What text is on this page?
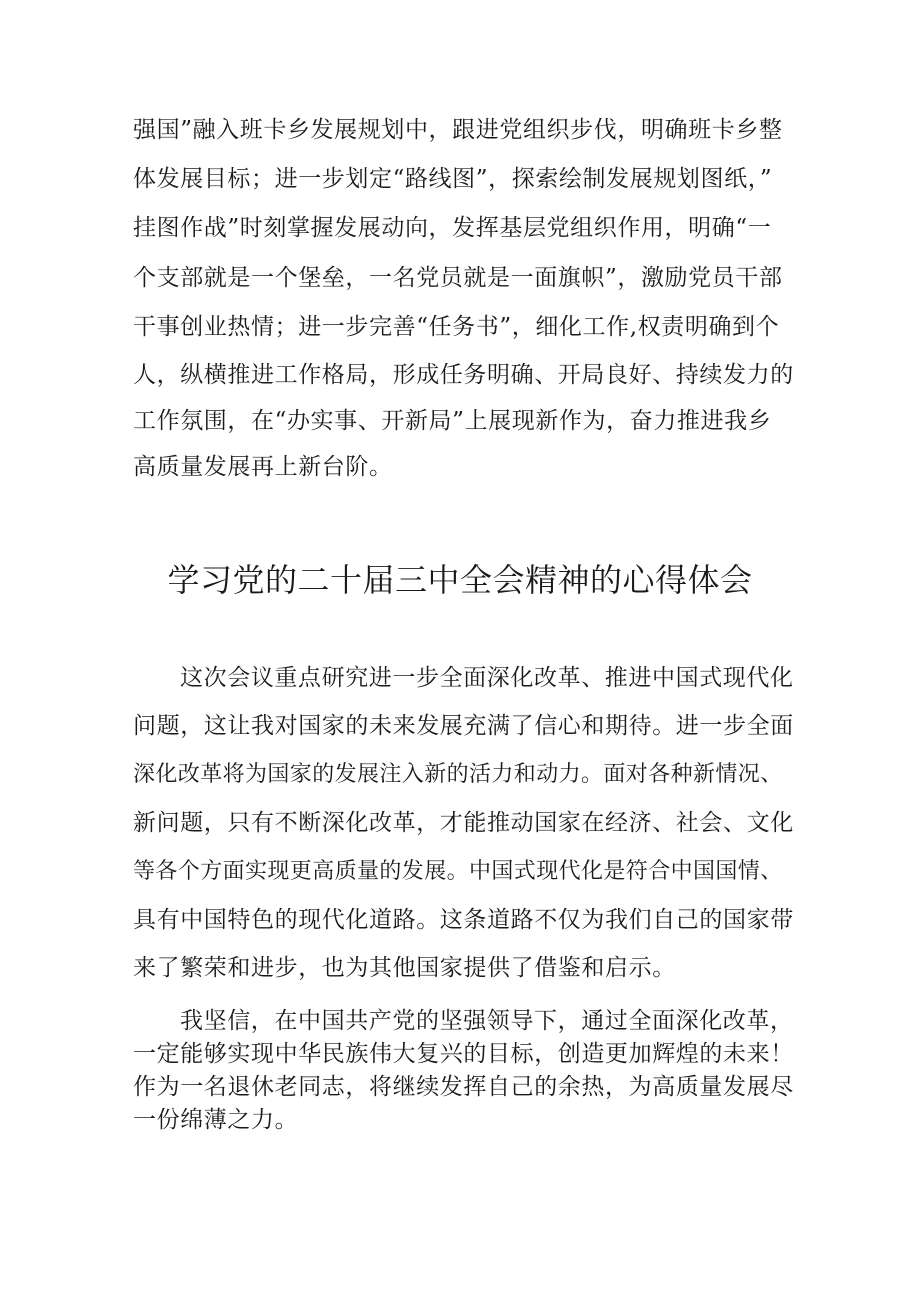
强国”融入班卡乡发展规划中，跟进党组织步伐，明确班卡乡整
体发展目标；进一步划定“路线图”，探索绘制发展规划图纸，”
挂图作战”时刻掌握发展动向，发挥基层党组织作用，明确“一
个支部就是一个堡垒，一名党员就是一面旗帜”，激励党员干部
干事创业热情；进一步完善“任务书”，细化工作,权责明确到个
人，纵横推进工作格局，形成任务明确、开局良好、持续发力的
工作氛围，在“办实事、开新局”上展现新作为，奋力推进我乡
高质量发展再上新台阶。
学习党的二十届三中全会精神的心得体会
这次会议重点研究进一步全面深化改革、推进中国式现代化
问题，这让我对国家的未来发展充满了信心和期待。进一步全面
深化改革将为国家的发展注入新的活力和动力。面对各种新情况、
新问题，只有不断深化改革，才能推动国家在经济、社会、文化
等各个方面实现更高质量的发展。中国式现代化是符合中国国情、
具有中国特色的现代化道路。这条道路不仅为我们自己的国家带
来了繁荣和进步，也为其他国家提供了借鉴和启示。
我坚信，在中国共产党的坚强领导下，通过全面深化改革，
一定能够实现中华民族伟大复兴的目标，创造更加辉煌的未来！
作为一名退休老同志，将继续发挥自己的余热，为高质量发展尽
一份绵薄之力。
